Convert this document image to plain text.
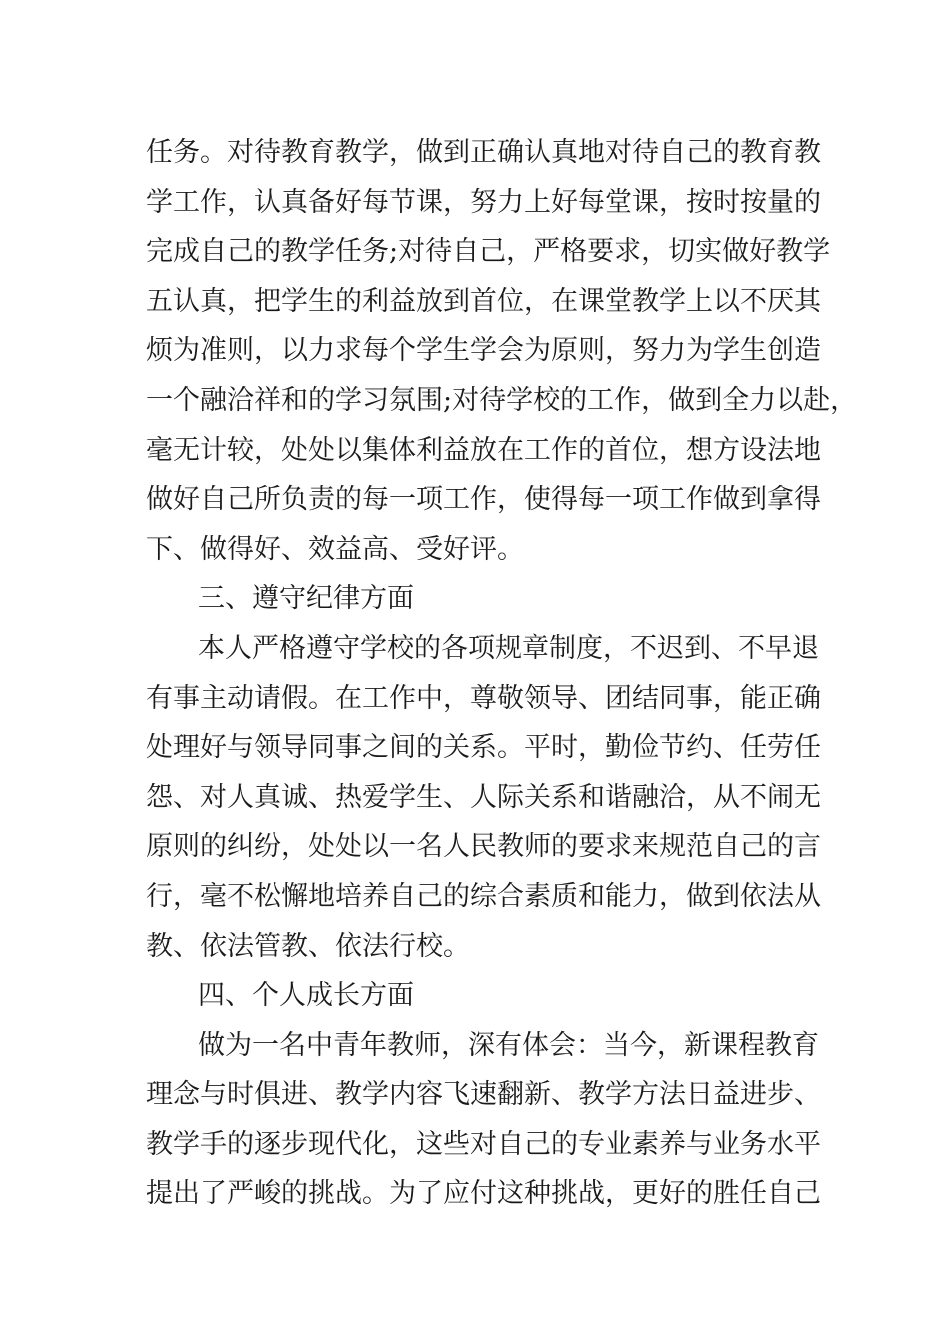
任务。对待教育教学，做到正确认真地对待自己的教育教
学工作，认真备好每节课，努力上好每堂课，按时按量的
完成自己的教学任务;对待自己，严格要求，切实做好教学
五认真，把学生的利益放到首位，在课堂教学上以不厌其
烦为准则，以力求每个学生学会为原则，努力为学生创造
一个融洽祥和的学习氛围;对待学校的工作，做到全力以赴，
毫无计较，处处以集体利益放在工作的首位，想方设法地
做好自己所负责的每一项工作，使得每一项工作做到拿得
下、做得好、效益高、受好评。
三、遵守纪律方面
本人严格遵守学校的各项规章制度，不迟到、不早退
有事主动请假。在工作中，尊敬领导、团结同事，能正确
处理好与领导同事之间的关系。平时，勤俭节约、任劳任
怨、对人真诚、热爱学生、人际关系和谐融洽，从不闹无
原则的纠纷，处处以一名人民教师的要求来规范自己的言
行，毫不松懈地培养自己的综合素质和能力，做到依法从
教、依法管教、依法行校。
四、个人成长方面
做为一名中青年教师，深有体会：当今，新课程教育
理念与时俱进、教学内容飞速翻新、教学方法日益进步、
教学手的逐步现代化，这些对自己的专业素养与业务水平
提出了严峻的挑战。为了应付这种挑战，更好的胜任自己
